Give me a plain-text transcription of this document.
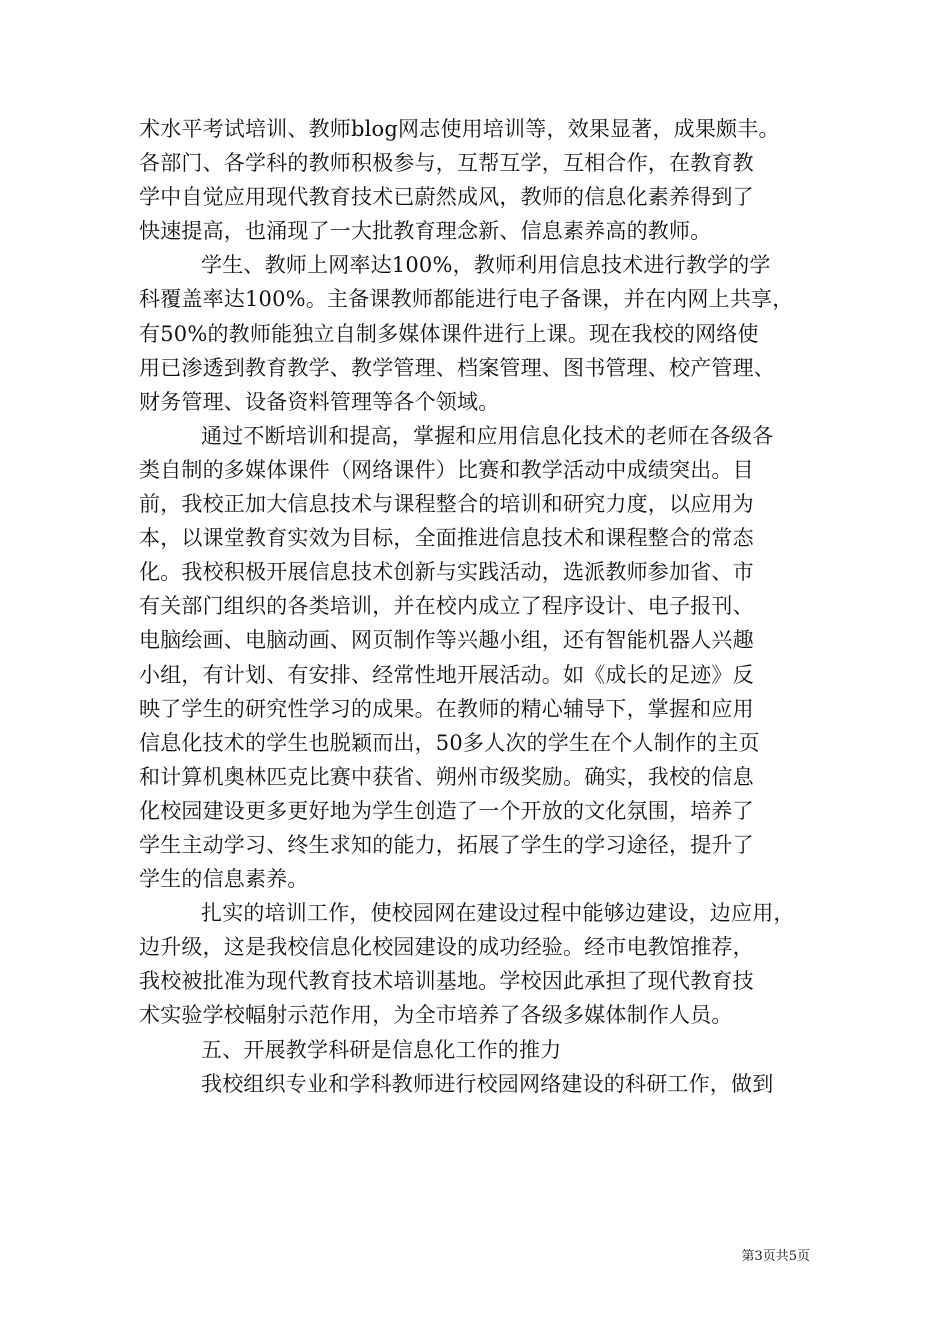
术水平考试培训、教师blog网志使用培训等，效果显著，成果颇丰。
各部门、各学科的教师积极参与，互帮互学，互相合作，在教育教
学中自觉应用现代教育技术已蔚然成风，教师的信息化素养得到了
快速提高，也涌现了一大批教育理念新、信息素养高的教师。
学生、教师上网率达100%，教师利用信息技术进行教学的学
科覆盖率达100%。主备课教师都能进行电子备课，并在内网上共享，
有50%的教师能独立自制多媒体课件进行上课。现在我校的网络使
用已渗透到教育教学、教学管理、档案管理、图书管理、校产管理、
财务管理、设备资料管理等各个领域。
通过不断培训和提高，掌握和应用信息化技术的老师在各级各
类自制的多媒体课件（网络课件）比赛和教学活动中成绩突出。目
前，我校正加大信息技术与课程整合的培训和研究力度，以应用为
本，以课堂教育实效为目标，全面推进信息技术和课程整合的常态
化。我校积极开展信息技术创新与实践活动，选派教师参加省、市
有关部门组织的各类培训，并在校内成立了程序设计、电子报刊、
电脑绘画、电脑动画、网页制作等兴趣小组，还有智能机器人兴趣
小组，有计划、有安排、经常性地开展活动。如《成长的足迹》反
映了学生的研究性学习的成果。在教师的精心辅导下，掌握和应用
信息化技术的学生也脱颖而出，50多人次的学生在个人制作的主页
和计算机奥林匹克比赛中获省、朔州市级奖励。确实，我校的信息
化校园建设更多更好地为学生创造了一个开放的文化氛围，培养了
学生主动学习、终生求知的能力，拓展了学生的学习途径，提升了
学生的信息素养。
扎实的培训工作，使校园网在建设过程中能够边建设，边应用，
边升级，这是我校信息化校园建设的成功经验。经市电教馆推荐，
我校被批准为现代教育技术培训基地。学校因此承担了现代教育技
术实验学校幅射示范作用，为全市培养了各级多媒体制作人员。
五、开展教学科研是信息化工作的推力
我校组织专业和学科教师进行校园网络建设的科研工作，做到
第3页共5页
